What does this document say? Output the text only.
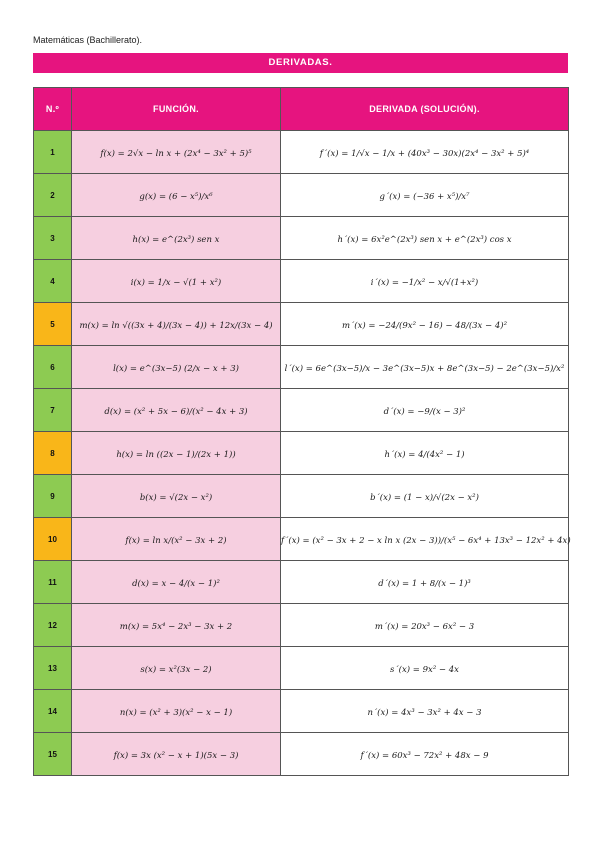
Matemáticas (Bachillerato).
DERIVADAS.
N.º	FUNCIÓN.	DERIVADA (SOLUCIÓN).
1	f(x) = 2√x − ln x + (2x⁴ − 3x² + 5)⁵	f´(x) = 1/√x − 1/x + (40x³ − 30x)(2x⁴ − 3x² + 5)⁴
2	g(x) = (6 − x⁵)/x⁶	g´(x) = (−36 + x⁵)/x⁷
3	h(x) = e^(2x³) sen x	h´(x) = 6x²e^(2x³) sen x + e^(2x³) cos x
4	i(x) = 1/x − √(1 + x²)	i´(x) = −1/x² − x/√(1+x²)
5	m(x) = ln √((3x + 4)/(3x − 4)) + 12x/(3x − 4)	m´(x) = −24/(9x² − 16) − 48/(3x − 4)²
6	l(x) = e^(3x−5) (2/x − x + 3)	l´(x) = 6e^(3x−5)/x − 3e^(3x−5)x + 8e^(3x−5) − 2e^(3x−5)/x²
7	d(x) = (x² + 5x − 6)/(x² − 4x + 3)	d´(x) = −9/(x − 3)²
8	h(x) = ln ((2x − 1)/(2x + 1))	h´(x) = 4/(4x² − 1)
9	b(x) = √(2x − x²)	b´(x) = (1 − x)/√(2x − x²)
10	f(x) = ln x/(x² − 3x + 2)	f´(x) = (x² − 3x + 2 − x ln x (2x − 3))/(x⁵ − 6x⁴ + 13x³ − 12x² + 4x)
11	d(x) = x − 4/(x − 1)²	d´(x) = 1 + 8/(x − 1)³
12	m(x) = 5x⁴ − 2x³ − 3x + 2	m´(x) = 20x³ − 6x² − 3
13	s(x) = x²(3x − 2)	s´(x) = 9x² − 4x
14	n(x) = (x² + 3)(x² − x − 1)	n´(x) = 4x³ − 3x² + 4x − 3
15	f(x) = 3x (x² − x + 1)(5x − 3)	f´(x) = 60x³ − 72x² + 48x − 9
